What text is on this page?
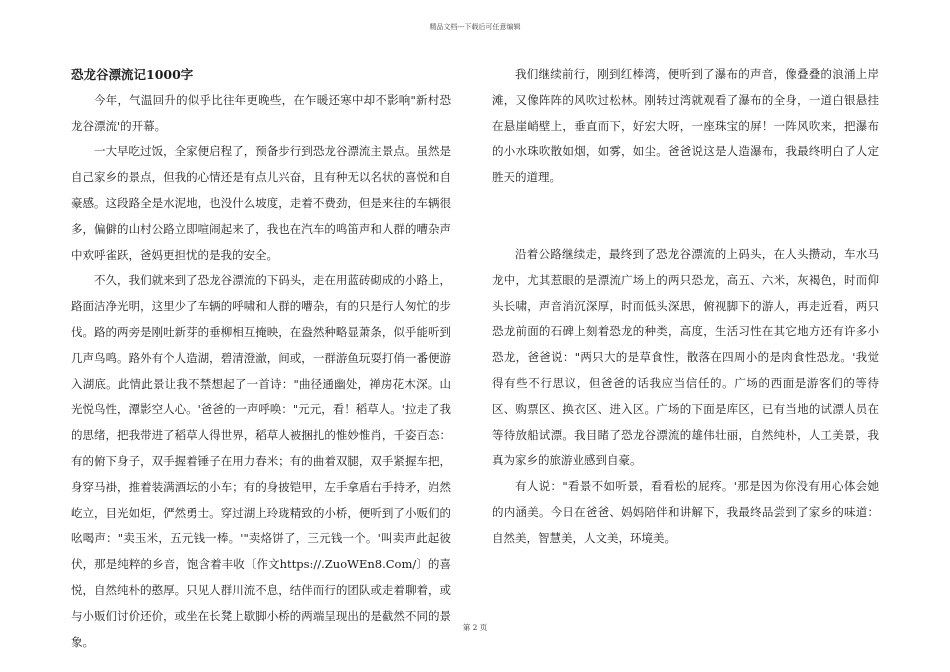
精品文档---下载后可任意编辑
恐龙谷漂流记1000字

今年，气温回升的似乎比往年更晚些，在乍暖还寒中却不影响"新村恐龙谷漂流'的开幕。

一大早吃过饭，全家便启程了，预备步行到恐龙谷漂流主景点。虽然是自己家乡的景点，但我的心情还是有点儿兴奋，且有种无以名状的喜悦和自豪感。这段路全是水泥地，也没什么坡度，走着不费劲，但是来往的车辆很多，偏僻的山村公路立即喧闹起来了，我也在汽车的鸣笛声和人群的嘈杂声中欢呼雀跃，爸妈更担忧的是我的安全。

不久，我们就来到了恐龙谷漂流的下码头，走在用蓝砖砌成的小路上，路面洁净光明，这里少了车辆的呼啸和人群的嘈杂，有的只是行人匆忙的步伐。路的两旁是刚吐新芽的垂柳相互掩映，在盎然种略显萧条，似乎能听到几声鸟鸣。路外有个人造湖，碧清澄澈，间或，一群游鱼玩耍打俏一番便游入湖底。此情此景让我不禁想起了一首诗："曲径通幽处，禅房花木深。山光悦鸟性，潭影空人心。'爸爸的一声呼唤："元元，看！稻草人。'拉走了我的思绪，把我带进了稻草人得世界，稻草人被捆扎的惟妙惟肖，千姿百态：有的俯下身子，双手握着锤子在用力舂米；有的曲着双腿，双手紧握车把，身穿马褂，推着装满酒坛的小车；有的身披铠甲，左手拿盾右手持矛，岿然屹立，目光如炬，俨然勇士。穿过湖上玲珑精致的小桥，便听到了小贩们的吆喝声："卖玉米，五元钱一棒。'"卖烙饼了，三元钱一个。'叫卖声此起彼伏，那是纯粹的乡音，饱含着丰收〔作文https://.ZuoWEn8.Com/〕的喜悦，自然纯朴的憨厚。只见人群川流不息，结伴而行的团队或走着聊着，或与小贩们讨价还价，或坐在长凳上歇脚小桥的两端呈现出的是截然不同的景象。

我们继续前行，刚到红棒湾，便听到了瀑布的声音，像叠叠的浪涌上岸滩，又像阵阵的风吹过松林。刚转过湾就观看了瀑布的全身，一道白银悬挂在悬崖峭壁上，垂直而下，好宏大呀，一座珠宝的屏！一阵风吹来，把瀑布的小水珠吹散如烟，如雾，如尘。爸爸说这是人造瀑布，我最终明白了人定胜天的道理。

沿着公路继续走，最终到了恐龙谷漂流的上码头，在人头攒动，车水马龙中，尤其惹眼的是漂流广场上的两只恐龙，高五、六米，灰褐色，时而仰头长啸，声音消沉深厚，时而低头深思，俯视脚下的游人，再走近看，两只恐龙前面的石碑上刻着恐龙的种类，高度，生活习性在其它地方还有许多小恐龙，爸爸说："两只大的是草食性，散落在四周小的是肉食性恐龙。'我觉得有些不行思议，但爸爸的话我应当信任的。广场的西面是游客们的等待区、购票区、换衣区、进入区。广场的下面是库区，已有当地的试漂人员在等待放船试漂。我目睹了恐龙谷漂流的雄伟壮丽，自然纯朴，人工美景，我真为家乡的旅游业感到自豪。

有人说："看景不如听景，看看松的屁疼。'那是因为你没有用心体会她的内涵美。今日在爸爸、妈妈陪伴和讲解下，我最终品尝到了家乡的味道：自然美，智慧美，人文美，环境美。

第 2 页
